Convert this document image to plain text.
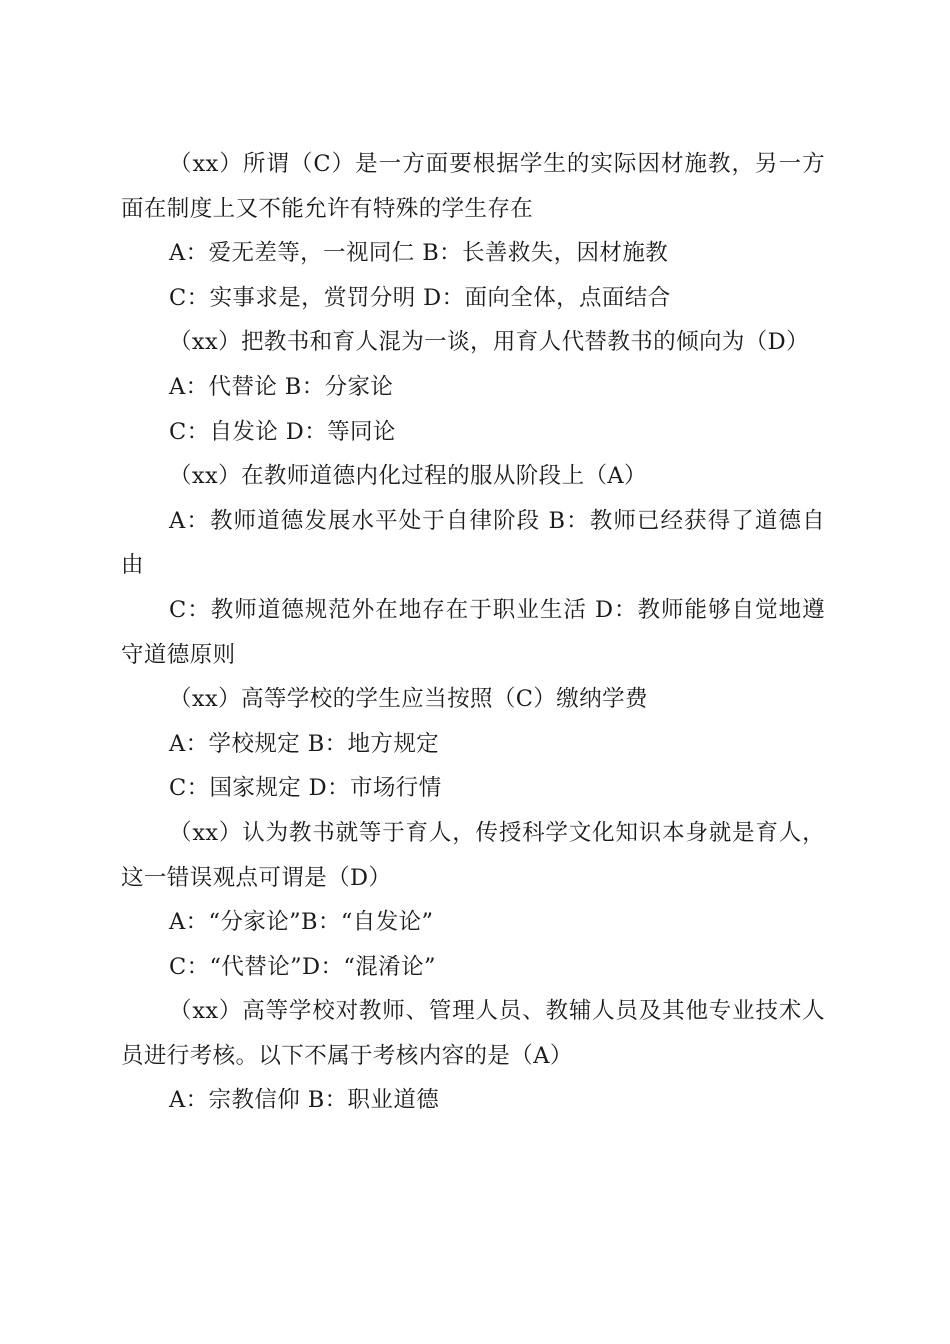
（xx）所谓（C）是一方面要根据学生的实际因材施教，另一方面在制度上又不能允许有特殊的学生存在

A：爱无差等，一视同仁 B：长善救失，因材施教

C：实事求是，赏罚分明 D：面向全体，点面结合

（xx）把教书和育人混为一谈，用育人代替教书的倾向为（D）

A：代替论 B：分家论

C：自发论 D：等同论

（xx）在教师道德内化过程的服从阶段上（A）

A：教师道德发展水平处于自律阶段 B：教师已经获得了道德自由

C：教师道德规范外在地存在于职业生活 D：教师能够自觉地遵守道德原则

（xx）高等学校的学生应当按照（C）缴纳学费

A：学校规定 B：地方规定

C：国家规定 D：市场行情

（xx）认为教书就等于育人，传授科学文化知识本身就是育人，这一错误观点可谓是（D）

A：“分家论”B：“自发论”

C：“代替论”D：“混淆论”

（xx）高等学校对教师、管理人员、教辅人员及其他专业技术人员进行考核。以下不属于考核内容的是（A）

A：宗教信仰 B：职业道德
